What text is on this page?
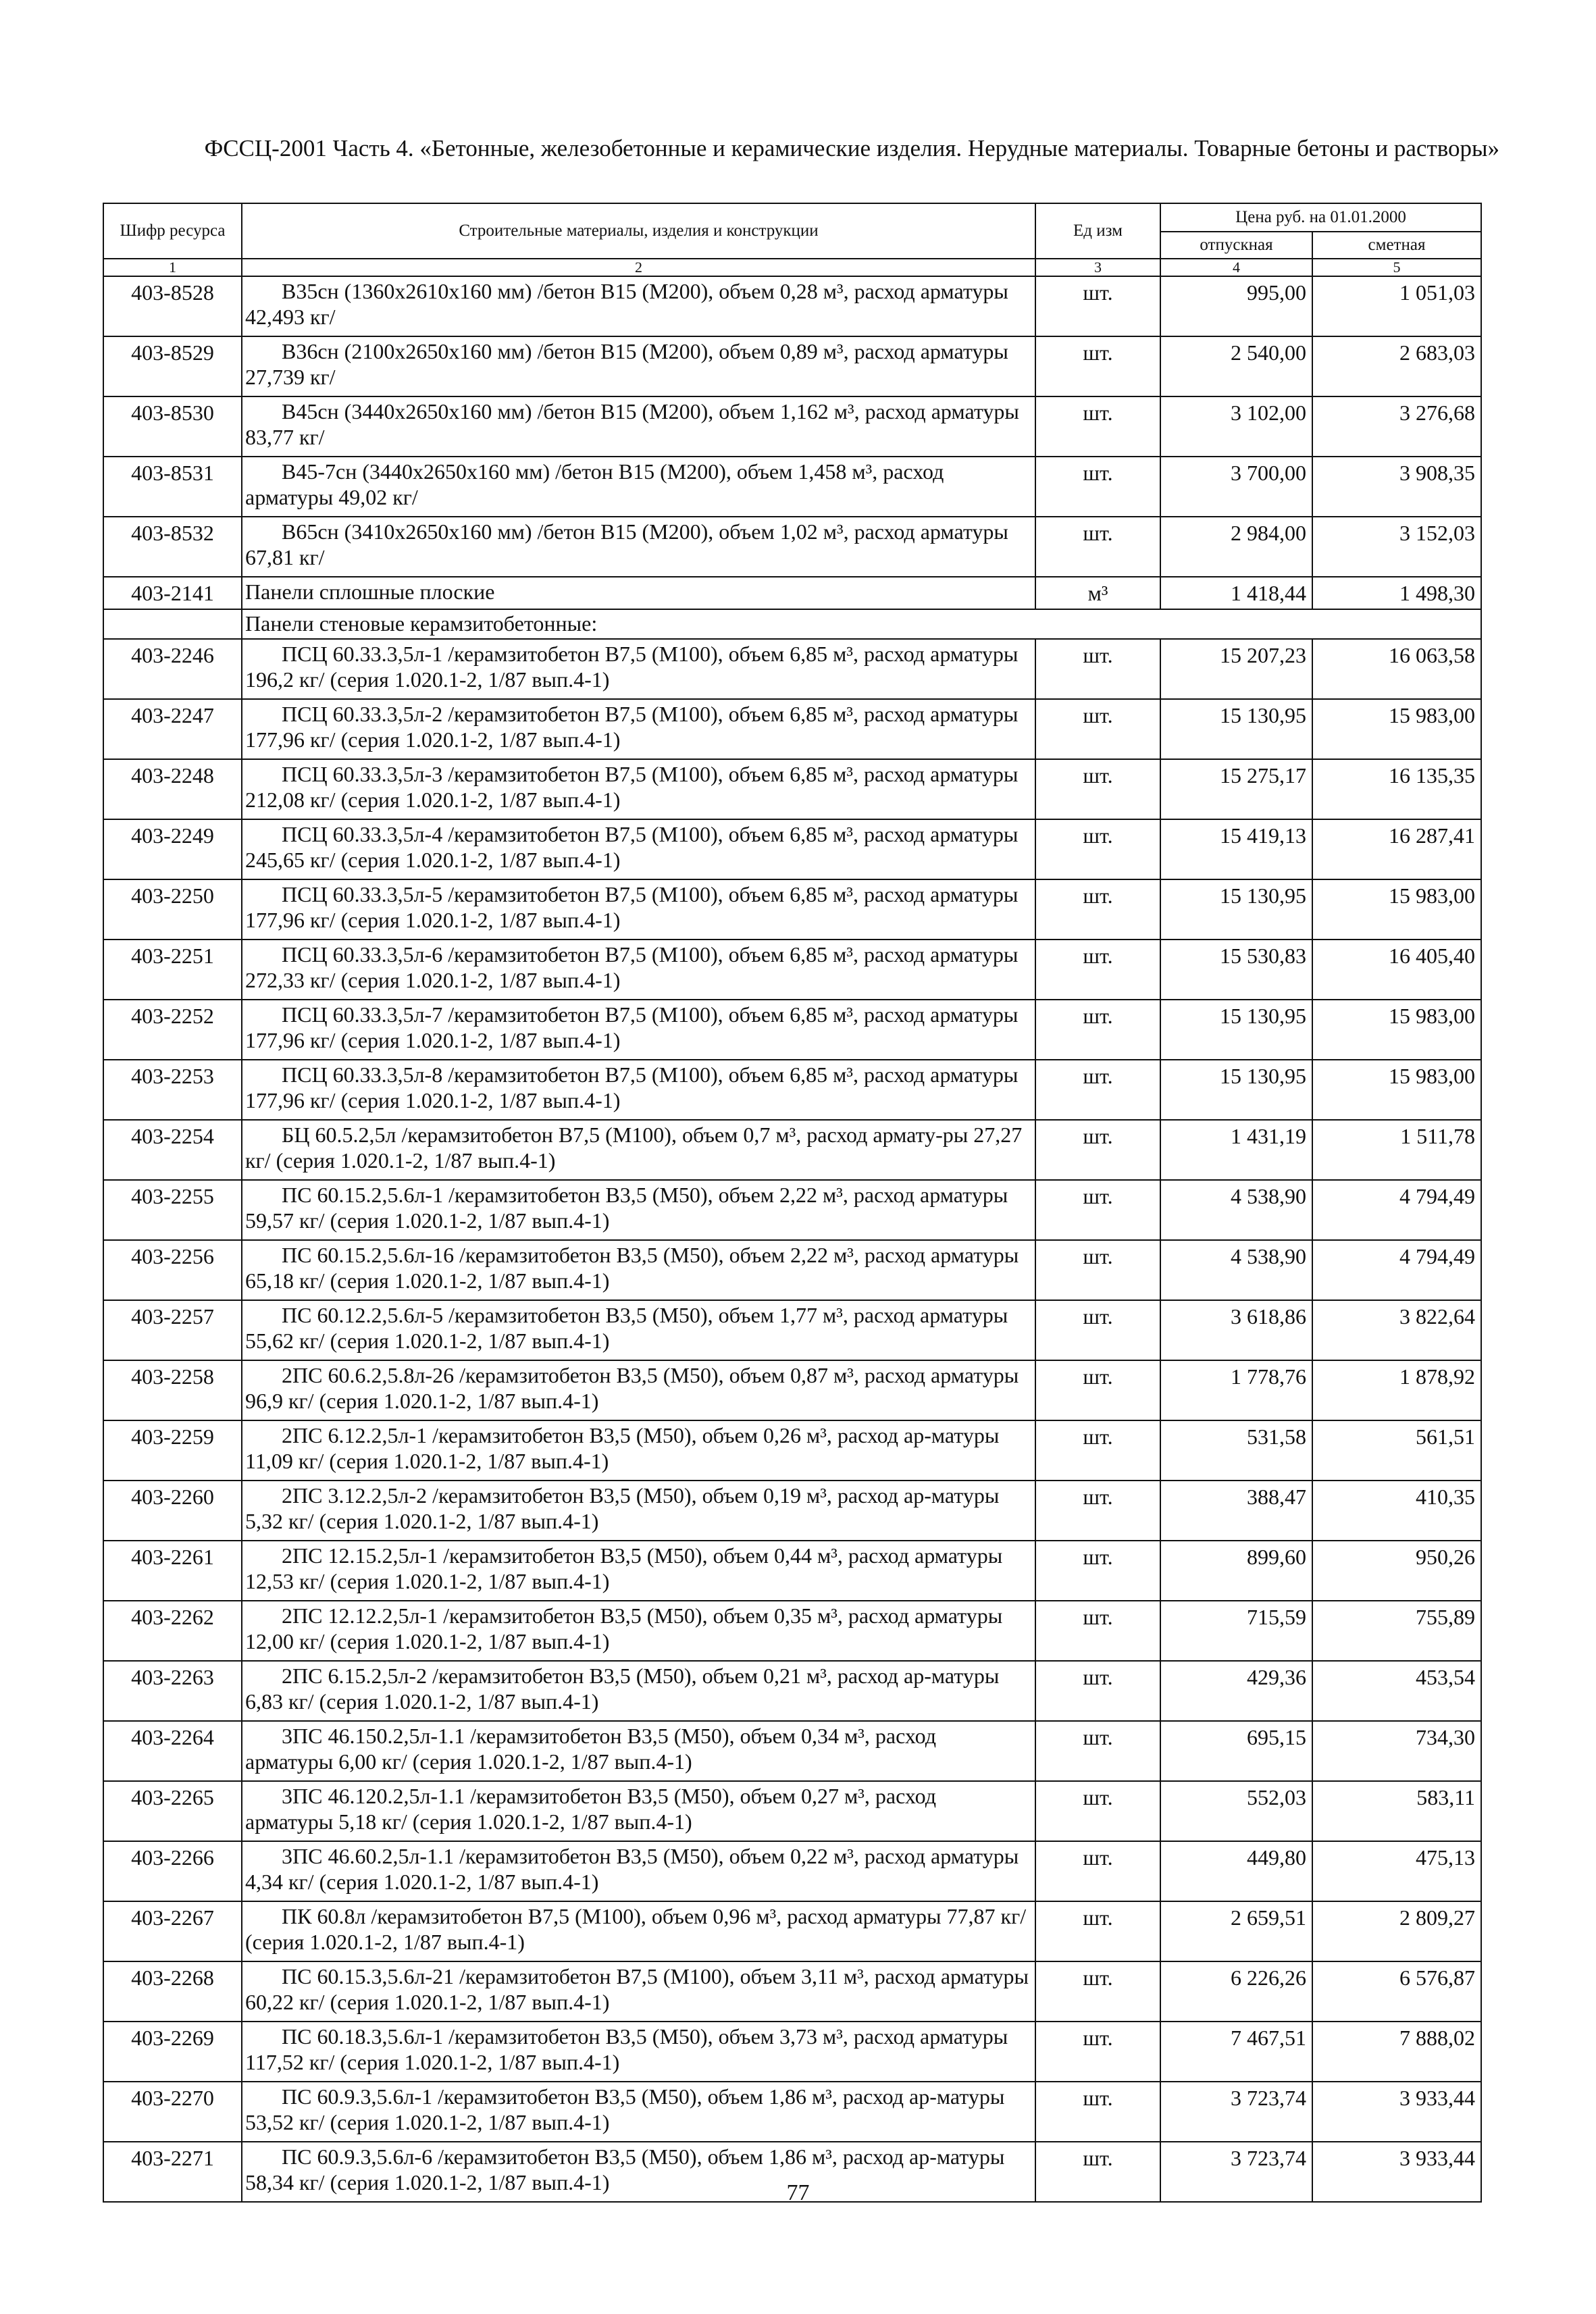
ФССЦ-2001 Часть 4. «Бетонные, железобетонные и керамические изделия. Нерудные материалы. Товарные бетоны и растворы»
Шифр ресурса	Строительные материалы, изделия и конструкции	Ед изм	Цена руб. на 01.01.2000	
			отпускная	сметная
1	2	3	4	5
403-8528	В35сн (1360x2610x160 мм) /бетон В15 (М200), объем 0,28 м³, расход арматуры 42,493 кг/	шт.	995,00	1 051,03
403-8529	В36сн (2100x2650x160 мм) /бетон В15 (М200), объем 0,89 м³, расход арматуры 27,739 кг/	шт.	2 540,00	2 683,03
403-8530	В45сн (3440x2650x160 мм) /бетон В15 (М200), объем 1,162 м³, расход арматуры 83,77 кг/	шт.	3 102,00	3 276,68
403-8531	В45-7сн (3440x2650x160 мм) /бетон В15 (М200), объем 1,458 м³, расход арматуры 49,02 кг/	шт.	3 700,00	3 908,35
403-8532	В65сн (3410x2650x160 мм) /бетон В15 (М200), объем 1,02 м³, расход арматуры 67,81 кг/	шт.	2 984,00	3 152,03
403-2141	Панели сплошные плоские	м³	1 418,44	1 498,30
	Панели стеновые керамзитобетонные:			
403-2246	ПСЦ 60.33.3,5л-1 /керамзитобетон В7,5 (М100), объем 6,85 м³, расход арматуры 196,2 кг/ (серия 1.020.1-2, 1/87 вып.4-1)	шт.	15 207,23	16 063,58
403-2247	ПСЦ 60.33.3,5л-2 /керамзитобетон В7,5 (М100), объем 6,85 м³, расход арматуры 177,96 кг/ (серия 1.020.1-2, 1/87 вып.4-1)	шт.	15 130,95	15 983,00
403-2248	ПСЦ 60.33.3,5л-3 /керамзитобетон В7,5 (М100), объем 6,85 м³, расход арматуры 212,08 кг/ (серия 1.020.1-2, 1/87 вып.4-1)	шт.	15 275,17	16 135,35
403-2249	ПСЦ 60.33.3,5л-4 /керамзитобетон В7,5 (М100), объем 6,85 м³, расход арматуры 245,65 кг/ (серия 1.020.1-2, 1/87 вып.4-1)	шт.	15 419,13	16 287,41
403-2250	ПСЦ 60.33.3,5л-5 /керамзитобетон В7,5 (М100), объем 6,85 м³, расход арматуры 177,96 кг/ (серия 1.020.1-2, 1/87 вып.4-1)	шт.	15 130,95	15 983,00
403-2251	ПСЦ 60.33.3,5л-6 /керамзитобетон В7,5 (М100), объем 6,85 м³, расход арматуры 272,33 кг/ (серия 1.020.1-2, 1/87 вып.4-1)	шт.	15 530,83	16 405,40
403-2252	ПСЦ 60.33.3,5л-7 /керамзитобетон В7,5 (М100), объем 6,85 м³, расход арматуры 177,96 кг/ (серия 1.020.1-2, 1/87 вып.4-1)	шт.	15 130,95	15 983,00
403-2253	ПСЦ 60.33.3,5л-8 /керамзитобетон В7,5 (М100), объем 6,85 м³, расход арматуры 177,96 кг/ (серия 1.020.1-2, 1/87 вып.4-1)	шт.	15 130,95	15 983,00
403-2254	БЦ 60.5.2,5л /керамзитобетон В7,5 (М100), объем 0,7 м³, расход армату-ры 27,27 кг/ (серия 1.020.1-2, 1/87 вып.4-1)	шт.	1 431,19	1 511,78
403-2255	ПС 60.15.2,5.6л-1 /керамзитобетон В3,5 (М50), объем 2,22 м³, расход арматуры 59,57 кг/ (серия 1.020.1-2, 1/87 вып.4-1)	шт.	4 538,90	4 794,49
403-2256	ПС 60.15.2,5.6л-16 /керамзитобетон В3,5 (М50), объем 2,22 м³, расход арматуры 65,18 кг/ (серия 1.020.1-2, 1/87 вып.4-1)	шт.	4 538,90	4 794,49
403-2257	ПС 60.12.2,5.6л-5 /керамзитобетон В3,5 (М50), объем 1,77 м³, расход арматуры 55,62 кг/ (серия 1.020.1-2, 1/87 вып.4-1)	шт.	3 618,86	3 822,64
403-2258	2ПС 60.6.2,5.8л-26 /керамзитобетон В3,5 (М50), объем 0,87 м³, расход арматуры 96,9 кг/ (серия 1.020.1-2, 1/87 вып.4-1)	шт.	1 778,76	1 878,92
403-2259	2ПС 6.12.2,5л-1 /керамзитобетон В3,5 (М50), объем 0,26 м³, расход ар-матуры 11,09 кг/ (серия 1.020.1-2, 1/87 вып.4-1)	шт.	531,58	561,51
403-2260	2ПС 3.12.2,5л-2 /керамзитобетон В3,5 (М50), объем 0,19 м³, расход ар-матуры 5,32 кг/ (серия 1.020.1-2, 1/87 вып.4-1)	шт.	388,47	410,35
403-2261	2ПС 12.15.2,5л-1 /керамзитобетон В3,5 (М50), объем 0,44 м³, расход арматуры 12,53 кг/ (серия 1.020.1-2, 1/87 вып.4-1)	шт.	899,60	950,26
403-2262	2ПС 12.12.2,5л-1 /керамзитобетон В3,5 (М50), объем 0,35 м³, расход арматуры 12,00 кг/ (серия 1.020.1-2, 1/87 вып.4-1)	шт.	715,59	755,89
403-2263	2ПС 6.15.2,5л-2 /керамзитобетон В3,5 (М50), объем 0,21 м³, расход ар-матуры 6,83 кг/ (серия 1.020.1-2, 1/87 вып.4-1)	шт.	429,36	453,54
403-2264	3ПС 46.150.2,5л-1.1 /керамзитобетон В3,5 (М50), объем 0,34 м³, расход арматуры 6,00 кг/ (серия 1.020.1-2, 1/87 вып.4-1)	шт.	695,15	734,30
403-2265	3ПС 46.120.2,5л-1.1 /керамзитобетон В3,5 (М50), объем 0,27 м³, расход арматуры 5,18 кг/ (серия 1.020.1-2, 1/87 вып.4-1)	шт.	552,03	583,11
403-2266	3ПС 46.60.2,5л-1.1 /керамзитобетон В3,5 (М50), объем 0,22 м³, расход арматуры 4,34 кг/ (серия 1.020.1-2, 1/87 вып.4-1)	шт.	449,80	475,13
403-2267	ПК 60.8л /керамзитобетон В7,5 (М100), объем 0,96 м³, расход арматуры 77,87 кг/ (серия 1.020.1-2, 1/87 вып.4-1)	шт.	2 659,51	2 809,27
403-2268	ПС 60.15.3,5.6л-21 /керамзитобетон В7,5 (М100), объем 3,11 м³, расход арматуры 60,22 кг/ (серия 1.020.1-2, 1/87 вып.4-1)	шт.	6 226,26	6 576,87
403-2269	ПС 60.18.3,5.6л-1 /керамзитобетон В3,5 (М50), объем 3,73 м³, расход арматуры 117,52 кг/ (серия 1.020.1-2, 1/87 вып.4-1)	шт.	7 467,51	7 888,02
403-2270	ПС 60.9.3,5.6л-1 /керамзитобетон В3,5 (М50), объем 1,86 м³, расход ар-матуры 53,52 кг/ (серия 1.020.1-2, 1/87 вып.4-1)	шт.	3 723,74	3 933,44
403-2271	ПС 60.9.3,5.6л-6 /керамзитобетон В3,5 (М50), объем 1,86 м³, расход ар-матуры 58,34 кг/ (серия 1.020.1-2, 1/87 вып.4-1)	шт.	3 723,74	3 933,44
77
